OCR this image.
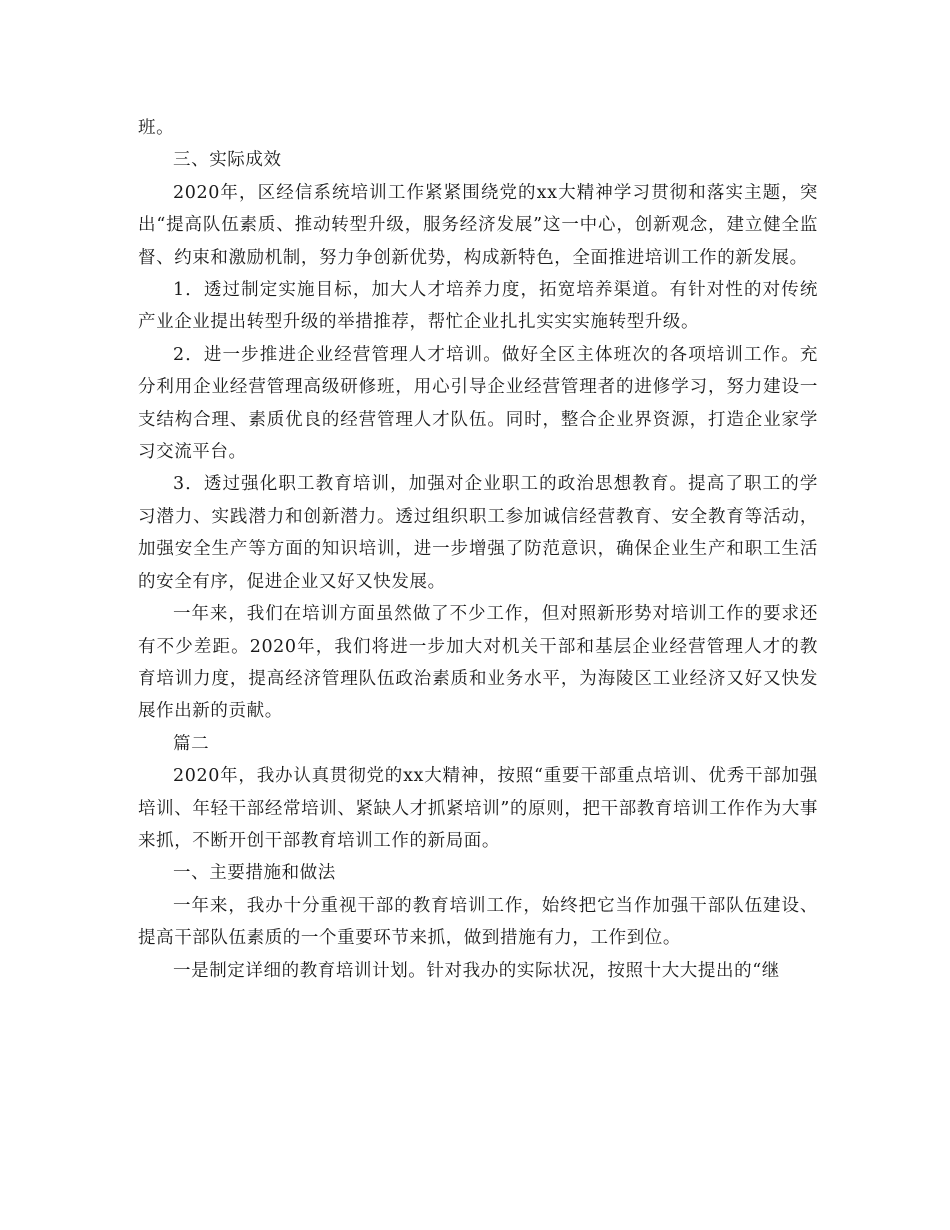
班。

三、实际成效

2020年，区经信系统培训工作紧紧围绕党的xx大精神学习贯彻和落实主题，突出“提高队伍素质、推动转型升级，服务经济发展”这一中心，创新观念，建立健全监督、约束和激励机制，努力争创新优势，构成新特色，全面推进培训工作的新发展。

1．透过制定实施目标，加大人才培养力度，拓宽培养渠道。有针对性的对传统产业企业提出转型升级的举措推荐，帮忙企业扎扎实实实施转型升级。

2．进一步推进企业经营管理人才培训。做好全区主体班次的各项培训工作。充分利用企业经营管理高级研修班，用心引导企业经营管理者的进修学习，努力建设一支结构合理、素质优良的经营管理人才队伍。同时，整合企业界资源，打造企业家学习交流平台。

3．透过强化职工教育培训，加强对企业职工的政治思想教育。提高了职工的学习潜力、实践潜力和创新潜力。透过组织职工参加诚信经营教育、安全教育等活动，加强安全生产等方面的知识培训，进一步增强了防范意识，确保企业生产和职工生活的安全有序，促进企业又好又快发展。

一年来，我们在培训方面虽然做了不少工作，但对照新形势对培训工作的要求还有不少差距。2020年，我们将进一步加大对机关干部和基层企业经营管理人才的教育培训力度，提高经济管理队伍政治素质和业务水平，为海陵区工业经济又好又快发展作出新的贡献。

篇二

2020年，我办认真贯彻党的xx大精神，按照“重要干部重点培训、优秀干部加强培训、年轻干部经常培训、紧缺人才抓紧培训”的原则，把干部教育培训工作作为大事来抓，不断开创干部教育培训工作的新局面。

一、主要措施和做法

一年来，我办十分重视干部的教育培训工作，始终把它当作加强干部队伍建设、提高干部队伍素质的一个重要环节来抓，做到措施有力，工作到位。

一是制定详细的教育培训计划。针对我办的实际状况，按照十大大提出的“继
